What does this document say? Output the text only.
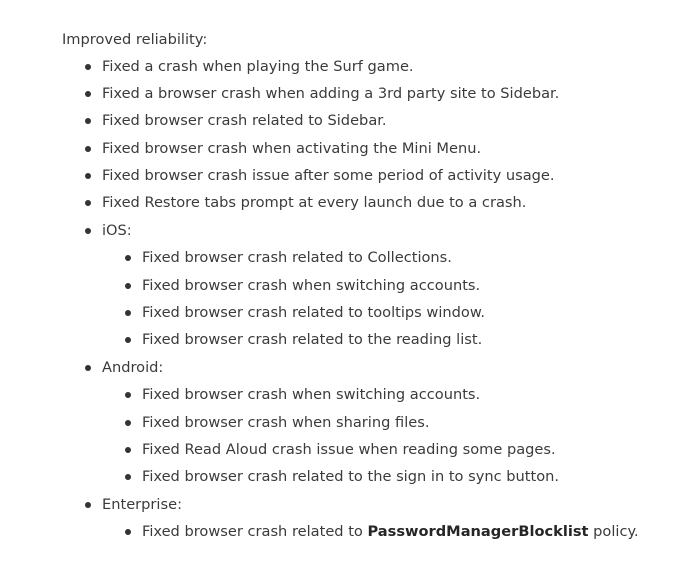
Improved reliability:

Fixed a crash when playing the Surf game.
Fixed a browser crash when adding a 3rd party site to Sidebar.
Fixed browser crash related to Sidebar.
Fixed browser crash when activating the Mini Menu.
Fixed browser crash issue after some period of activity usage.
Fixed Restore tabs prompt at every launch due to a crash.
iOS:
Fixed browser crash related to Collections.
Fixed browser crash when switching accounts.
Fixed browser crash related to tooltips window.
Fixed browser crash related to the reading list.
Android:
Fixed browser crash when switching accounts.
Fixed browser crash when sharing files.
Fixed Read Aloud crash issue when reading some pages.
Fixed browser crash related to the sign in to sync button.
Enterprise:
Fixed browser crash related to PasswordManagerBlocklist policy.
